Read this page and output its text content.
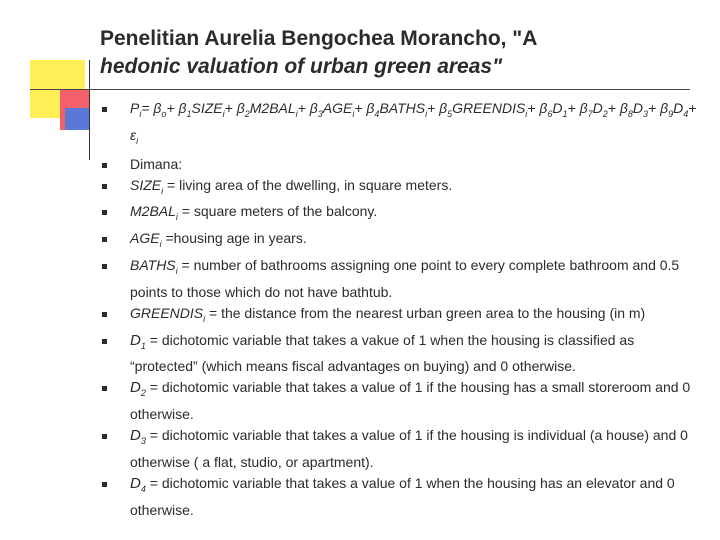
Penelitian Aurelia Bengochea Morancho, "A
hedonic valuation of urban green areas"
$P_i= \beta_o+$ $\beta_1SIZE_i+ \beta_2M2BAL_i+ \beta_3AGE_i+$ $\beta_4BATHS_i+$ $\beta_5GREENDIS_i+ \beta_6D_1+ \beta_7D_2+ \beta_8D_3+ \beta_9D_4+ \varepsilon_i$
Dimana:
$SIZE_i$ = living area of the dwelling, in square meters.
$M2BAL_i$ = square meters of the balcony.
$AGE_i =housing$ age in years.
$BATHS_i$ = number of bathrooms assigning one point to every complete bathroom and 0.5 points to those which do not have bathtub.
$GREENDIS_i$ = the distance from the nearest urban green area to the housing (in m)
$D_1$ = dichotomic variable that takes a vakue of 1 when the housing is classified as “protected” (which means fiscal advantages on buying) and 0 otherwise.
$D_2$ = dichotomic variable that takes a value of 1 if the housing has a small storeroom and 0 otherwise.
$D_3$ = dichotomic variable that takes a value of 1 if the housing is individual (a house) and 0 otherwise ( a flat, studio, or apartment).
$D_4$ = dichotomic variable that takes a value of 1 when the housing has an elevator and 0 otherwise.
